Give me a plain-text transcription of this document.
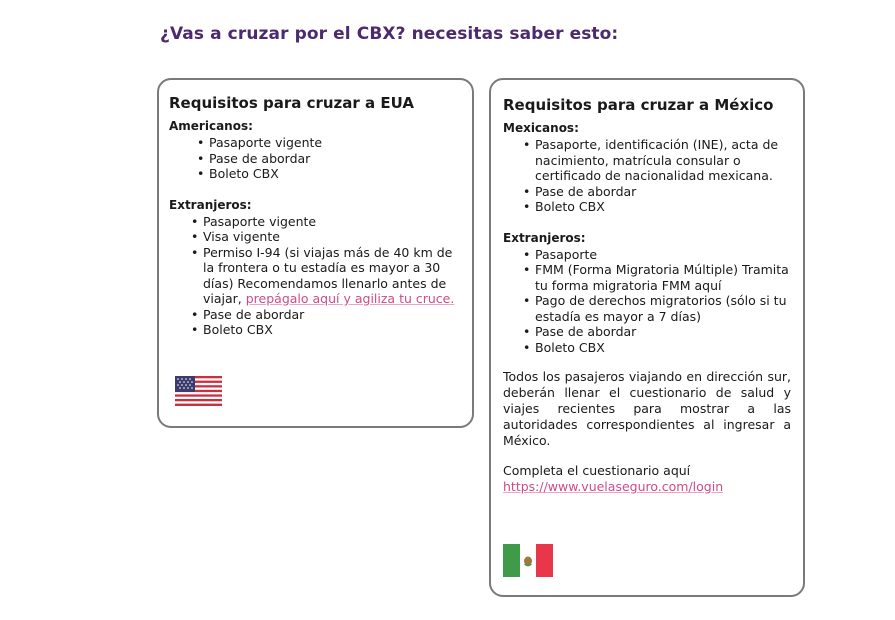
¿Vas a cruzar por el CBX? necesitas saber esto:
Requisitos para cruzar a EUA

Americanos:

• Pasaporte vigente
• Pase de abordar
• Boleto CBX

Extranjeros:

• Pasaporte vigente
• Visa vigente
• Permiso I-94 (si viajas más de 40 km de la frontera o tu estadía es mayor a 30 días) Recomendamos llenarlo antes de viajar, prepágalo aquí y agiliza tu cruce.
• Pase de abordar
• Boleto CBX
Requisitos para cruzar a México

Mexicanos:

• Pasaporte, identificación (INE), acta de nacimiento, matrícula consular o certificado de nacionalidad mexicana.
• Pase de abordar
• Boleto CBX

Extranjeros:

• Pasaporte
• FMM (Forma Migratoria Múltiple) Tramita tu forma migratoria FMM aquí
• Pago de derechos migratorios (sólo si tu estadía es mayor a 7 días)
• Pase de abordar
• Boleto CBX

Todos los pasajeros viajando en dirección sur, deberán llenar el cuestionario de salud y viajes recientes para mostrar a las autoridades correspondientes al ingresar a México.

Completa el cuestionario aquí
https://www.vuelaseguro.com/login
